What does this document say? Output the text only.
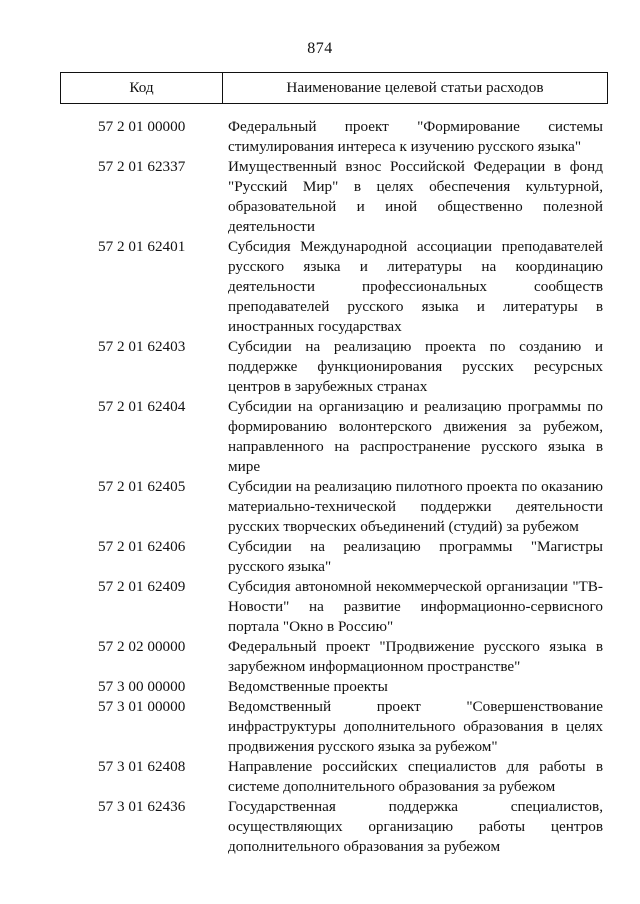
874
Код	Наименование целевой статьи расходов
57 2 01 00000	Федеральный проект "Формирование системы стимулирования интереса к изучению русского языка"
57 2 01 62337	Имущественный взнос Российской Федерации в фонд "Русский Мир" в целях обеспечения культурной, образовательной и иной общественно полезной деятельности
57 2 01 62401	Субсидия Международной ассоциации преподавателей русского языка и литературы на координацию деятельности профессиональных сообществ преподавателей русского языка и литературы в иностранных государствах
57 2 01 62403	Субсидии на реализацию проекта по созданию и поддержке функционирования русских ресурсных центров в зарубежных странах
57 2 01 62404	Субсидии на организацию и реализацию программы по формированию волонтерского движения за рубежом, направленного на распространение русского языка в мире
57 2 01 62405	Субсидии на реализацию пилотного проекта по оказанию материально-технической поддержки деятельности русских творческих объединений (студий) за рубежом
57 2 01 62406	Субсидии на реализацию программы "Магистры русского языка"
57 2 01 62409	Субсидия автономной некоммерческой организации "ТВ-Новости" на развитие информационно-сервисного портала "Окно в Россию"
57 2 02 00000	Федеральный проект "Продвижение русского языка в зарубежном информационном пространстве"
57 3 00 00000	Ведомственные проекты
57 3 01 00000	Ведомственный проект "Совершенствование инфраструктуры дополнительного образования в целях продвижения русского языка за рубежом"
57 3 01 62408	Направление российских специалистов для работы в системе дополнительного образования за рубежом
57 3 01 62436	Государственная поддержка специалистов, осуществляющих организацию работы центров дополнительного образования за рубежом
